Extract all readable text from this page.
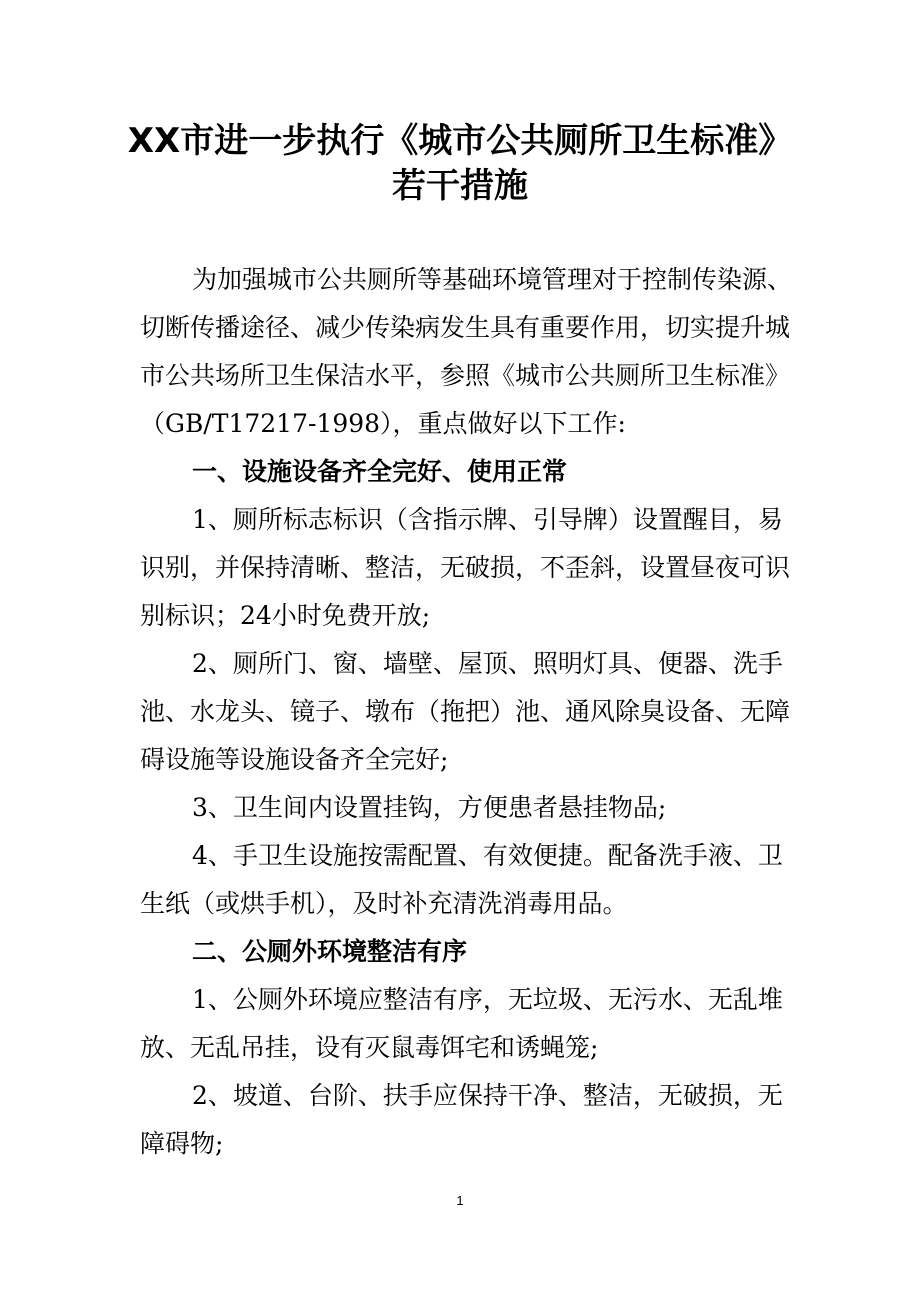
XX市进一步执行《城市公共厕所卫生标准》
若干措施
为加强城市公共厕所等基础环境管理对于控制传染源、
切断传播途径、减少传染病发生具有重要作用，切实提升城
市公共场所卫生保洁水平，参照《城市公共厕所卫生标准》
（GB/T17217-1998），重点做好以下工作:
一、设施设备齐全完好、使用正常
1、厕所标志标识（含指示牌、引导牌）设置醒目，易
识别，并保持清晰、整洁，无破损，不歪斜，设置昼夜可识
别标识；24小时免费开放;
2、厕所门、窗、墙壁、屋顶、照明灯具、便器、洗手
池、水龙头、镜子、墩布（拖把）池、通风除臭设备、无障
碍设施等设施设备齐全完好;
3、卫生间内设置挂钩，方便患者悬挂物品;
4、手卫生设施按需配置、有效便捷。配备洗手液、卫
生纸（或烘手机），及时补充清洗消毒用品。
二、公厕外环境整洁有序
1、公厕外环境应整洁有序，无垃圾、无污水、无乱堆
放、无乱吊挂，设有灭鼠毒饵宅和诱蝇笼;
2、坡道、台阶、扶手应保持干净、整洁，无破损，无
障碍物;
1
